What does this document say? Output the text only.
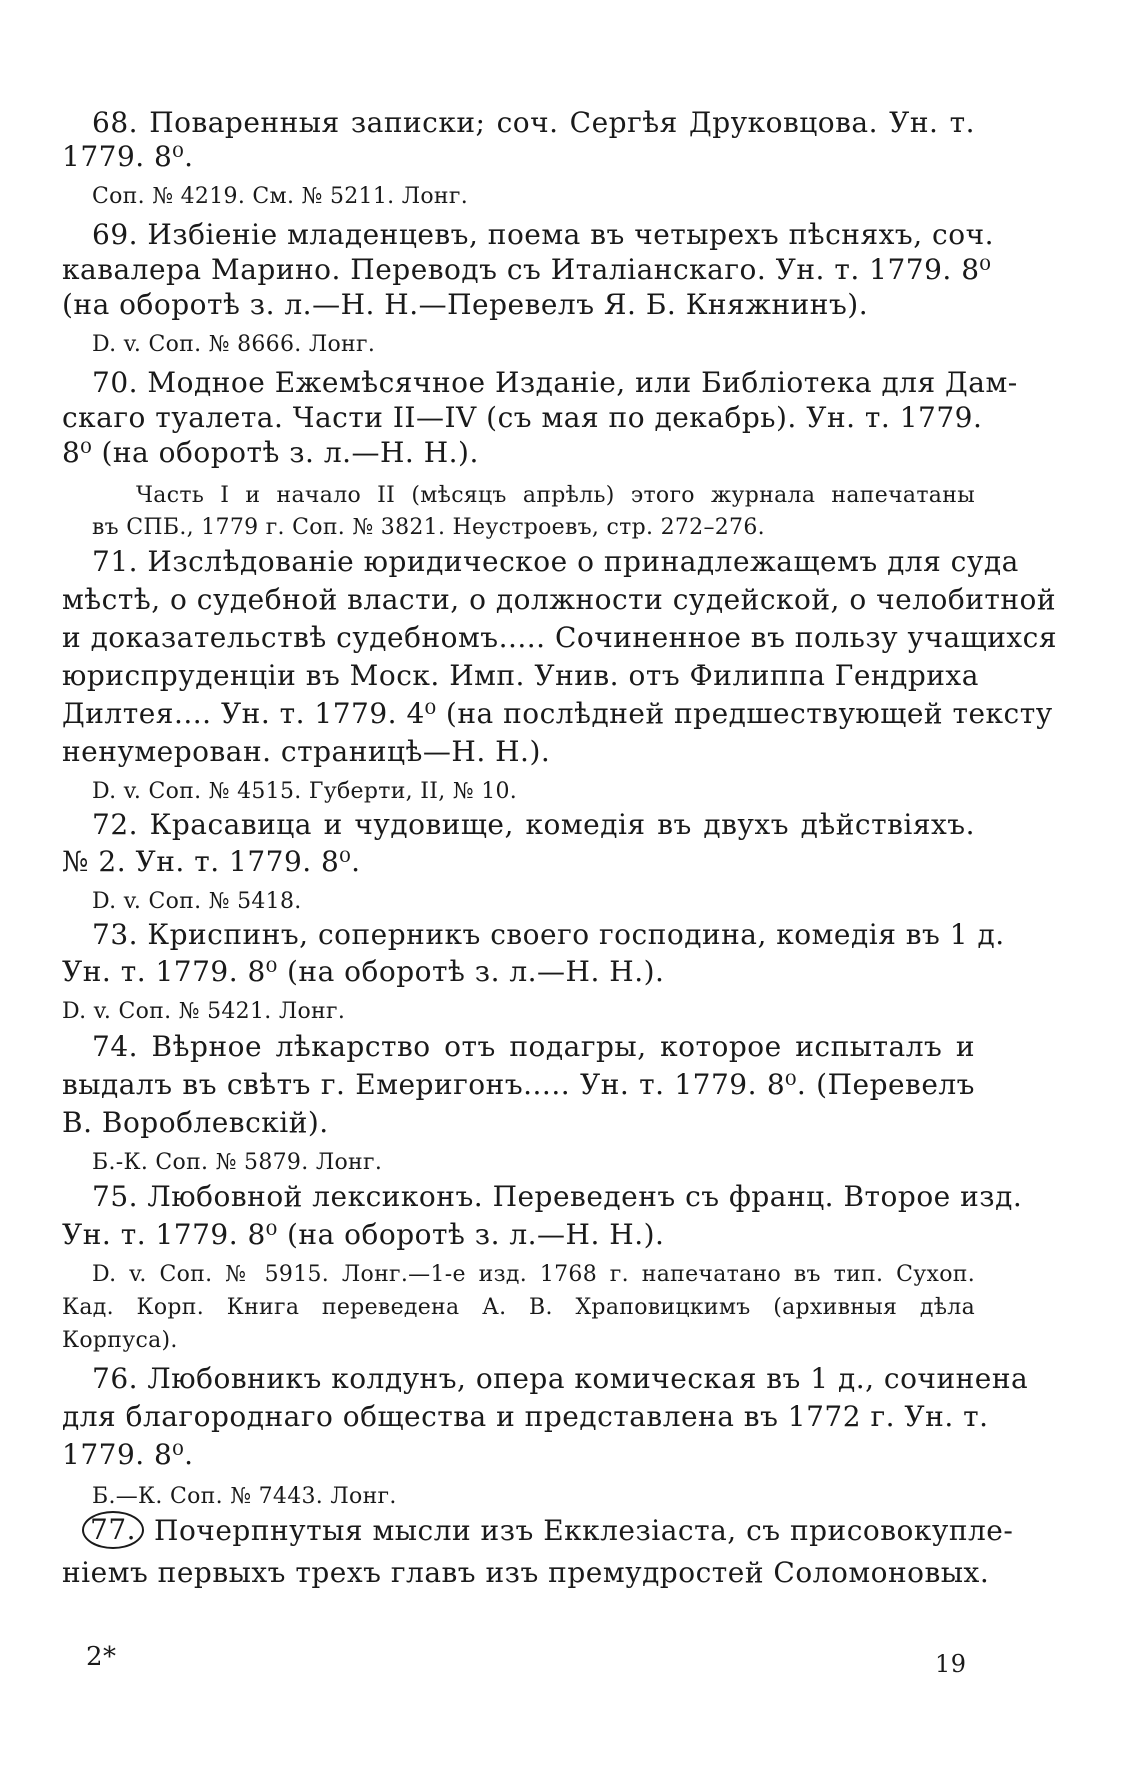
68. Поваренныя записки; соч. Сергѣя Друковцова. Ун. т.
1779. 8⁰.
Соп. № 4219. См. № 5211. Лонг.
69. Избіеніе младенцевъ, поема въ четырехъ пѣсняхъ, соч.
кавалера Марино. Переводъ съ Италіанскаго. Ун. т. 1779. 8⁰
(на оборотѣ з. л.—Н. Н.—Перевелъ Я. Б. Княжнинъ).
D. v. Соп. № 8666. Лонг.
70. Модное Ежемѣсячное Изданіе, или Библіотека для Дам-
скаго туалета. Части II—IV (съ мая по декабрь). Ун. т. 1779.
8⁰ (на оборотѣ з. л.—Н. Н.).
Часть I и начало II (мѣсяцъ апрѣль) этого журнала напечатаны
въ СПБ., 1779 г. Соп. № 3821. Неустроевъ, стр. 272–276.
71. Изслѣдованіе юридическое о принадлежащемъ для суда
мѣстѣ, о судебной власти, о должности судейской, о челобитной
и доказательствѣ судебномъ..... Сочиненное въ пользу учащихся
юриспруденціи въ Моск. Имп. Унив. отъ Филиппа Гендриха
Дилтея.... Ун. т. 1779. 4⁰ (на послѣдней предшествующей тексту
ненумерован. страницѣ—Н. Н.).
D. v. Соп. № 4515. Губерти, II, № 10.
72. Красавица и чудовище, комедія въ двухъ дѣйствіяхъ.
№ 2. Ун. т. 1779. 8⁰.
D. v. Соп. № 5418.
73. Криспинъ, соперникъ своего господина, комедія въ 1 д.
Ун. т. 1779. 8⁰ (на оборотѣ з. л.—Н. Н.).
D. v. Соп. № 5421. Лонг.
74. Вѣрное лѣкарство отъ подагры, которое испыталъ и
выдалъ въ свѣтъ г. Емеригонъ..... Ун. т. 1779. 8⁰. (Перевелъ
В. Вороблевскій).
Б.-К. Соп. № 5879. Лонг.
75. Любовной лексиконъ. Переведенъ съ франц. Второе изд.
Ун. т. 1779. 8⁰ (на оборотѣ з. л.—Н. Н.).
D. v. Соп. № 5915. Лонг.—1-е изд. 1768 г. напечатано въ тип. Сухоп.
Кад. Корп. Книга переведена А. В. Храповицкимъ (архивныя дѣла
Корпуса).
76. Любовникъ колдунъ, опера комическая въ 1 д., сочинена
для благороднаго общества и представлена въ 1772 г. Ун. т.
1779. 8⁰.
Б.—К. Соп. № 7443. Лонг.
77. Почерпнутыя мысли изъ Екклезіаста, съ присовокупле-
ніемъ первыхъ трехъ главъ изъ премудростей Соломоновых.
2*	19
